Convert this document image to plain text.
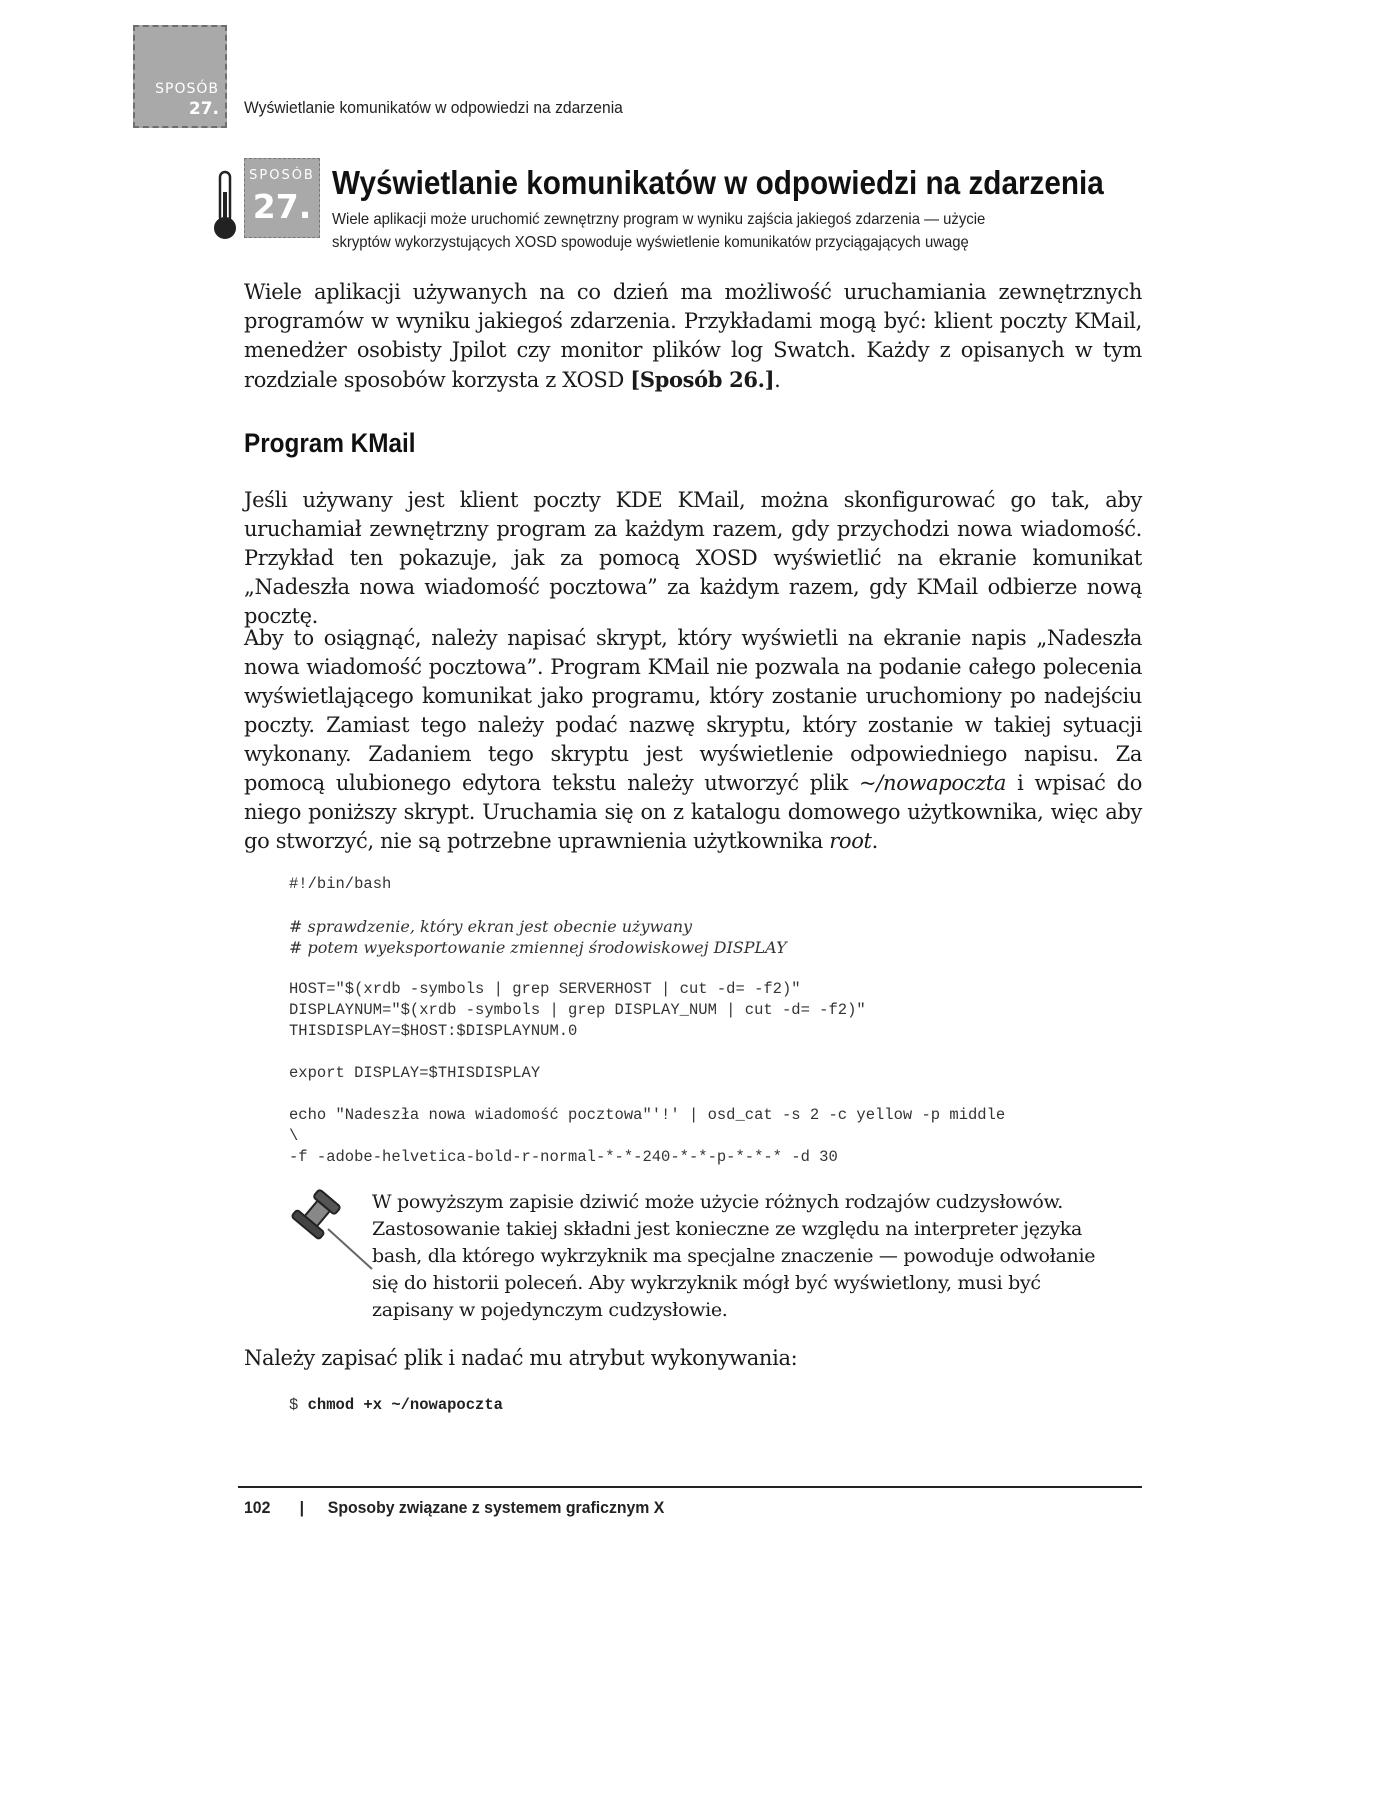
SPOSÓB
27. Wyświetlanie komunikatów w odpowiedzi na zdarzenia
SPOSÓB
27.
Wyświetlanie komunikatów w odpowiedzi na zdarzenia
Wiele aplikacji może uruchomić zewnętrzny program w wyniku zajścia jakiegoś zdarzenia — użycie
skryptów wykorzystujących XOSD spowoduje wyświetlenie komunikatów przyciągających uwagę
Wiele aplikacji używanych na co dzień ma możliwość uruchamiania zewnętrznych programów w wyniku jakiegoś zdarzenia. Przykładami mogą być: klient poczty KMail, menedżer osobisty Jpilot czy monitor plików log Swatch. Każdy z opisanych w tym rozdziale sposobów korzysta z XOSD [Sposób 26.].
Program KMail
Jeśli używany jest klient poczty KDE KMail, można skonfigurować go tak, aby uruchamiał zewnętrzny program za każdym razem, gdy przychodzi nowa wiadomość. Przykład ten pokazuje, jak za pomocą XOSD wyświetlić na ekranie komunikat „Nadeszła nowa wiadomość pocztowa” za każdym razem, gdy KMail odbierze nową pocztę.
Aby to osiągnąć, należy napisać skrypt, który wyświetli na ekranie napis „Nadeszła nowa wiadomość pocztowa”. Program KMail nie pozwala na podanie całego polecenia wyświetlającego komunikat jako programu, który zostanie uruchomiony po nadejściu poczty. Zamiast tego należy podać nazwę skryptu, który zostanie w takiej sytuacji wykonany. Zadaniem tego skryptu jest wyświetlenie odpowiedniego napisu. Za pomocą ulubionego edytora tekstu należy utworzyć plik ~/nowapoczta i wpisać do niego poniższy skrypt. Uruchamia się on z katalogu domowego użytkownika, więc aby go stworzyć, nie są potrzebne uprawnienia użytkownika root.
#!/bin/bash
# sprawdzenie, który ekran jest obecnie używany
# potem wyeksportowanie zmiennej środowiskowej DISPLAY
HOST="$(xrdb -symbols | grep SERVERHOST | cut -d= -f2)"
DISPLAYNUM="$(xrdb -symbols | grep DISPLAY_NUM | cut -d= -f2)"
THISDISPLAY=$HOST:$DISPLAYNUM.0
export DISPLAY=$THISDISPLAY
echo "Nadeszła nowa wiadomość pocztowa"'!' | osd_cat -s 2 -c yellow -p middle
\
-f -adobe-helvetica-bold-r-normal-*-*-240-*-*-p-*-*-* -d 30
W powyższym zapisie dziwić może użycie różnych rodzajów cudzysłowów.
Zastosowanie takiej składni jest konieczne ze względu na interpreter języka
bash, dla którego wykrzyknik ma specjalne znaczenie — powoduje odwołanie
się do historii poleceń. Aby wykrzyknik mógł być wyświetlony, musi być
zapisany w pojedynczym cudzysłowie.
Należy zapisać plik i nadać mu atrybut wykonywania:
$ chmod +x ~/nowapoczta
102 | Sposoby związane z systemem graficznym X
